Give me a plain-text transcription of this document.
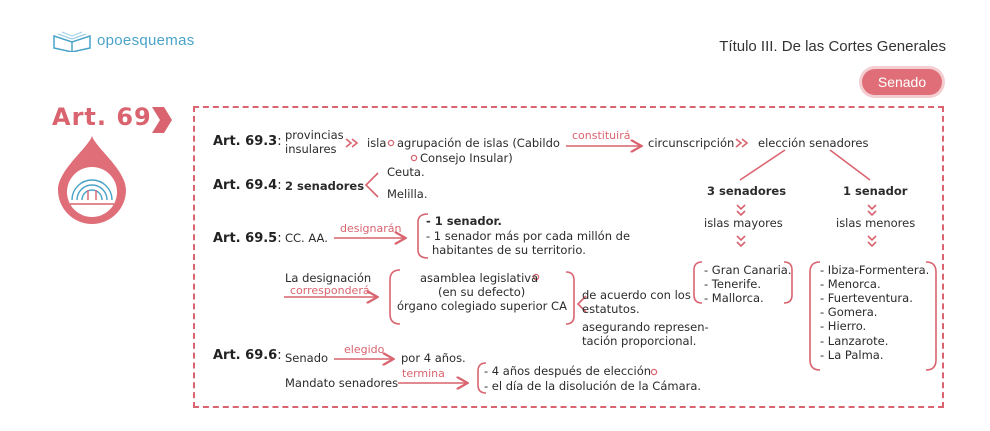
opoesquemas	Título III. De las Cortes Generales
Senado
Art. 69
Art. 69.3: provincias
insulares	isla agrupación de islas (Cabildo
Consejo Insular)
constituirá
circunscripción elección senadores
3 senadores	1 senador
islas mayores	islas menores
- Gran Canaria.
- Tenerife.
- Mallorca.
- Ibiza-Formentera.
- Menorca.
- Fuerteventura.
- Gomera.
- Hierro.
- Lanzarote.
- La Palma.
Art. 69.4: 2 senadores
Ceuta.
Melilla.
Art. 69.5: CC. AA.
designarán
- 1 senador.
- 1 senador más por cada millón de
habitantes de su territorio.
La designación
corresponderá
asamblea legislativa
(en su defecto)
órgano colegiado superior CA
de acuerdo con los
estatutos.
asegurando represen-
tación proporcional.
Art. 69.6: Senado
elegido
por 4 años.
Mandato senadores
termina	- 4 años después de elección
- el día de la disolución de la Cámara.
